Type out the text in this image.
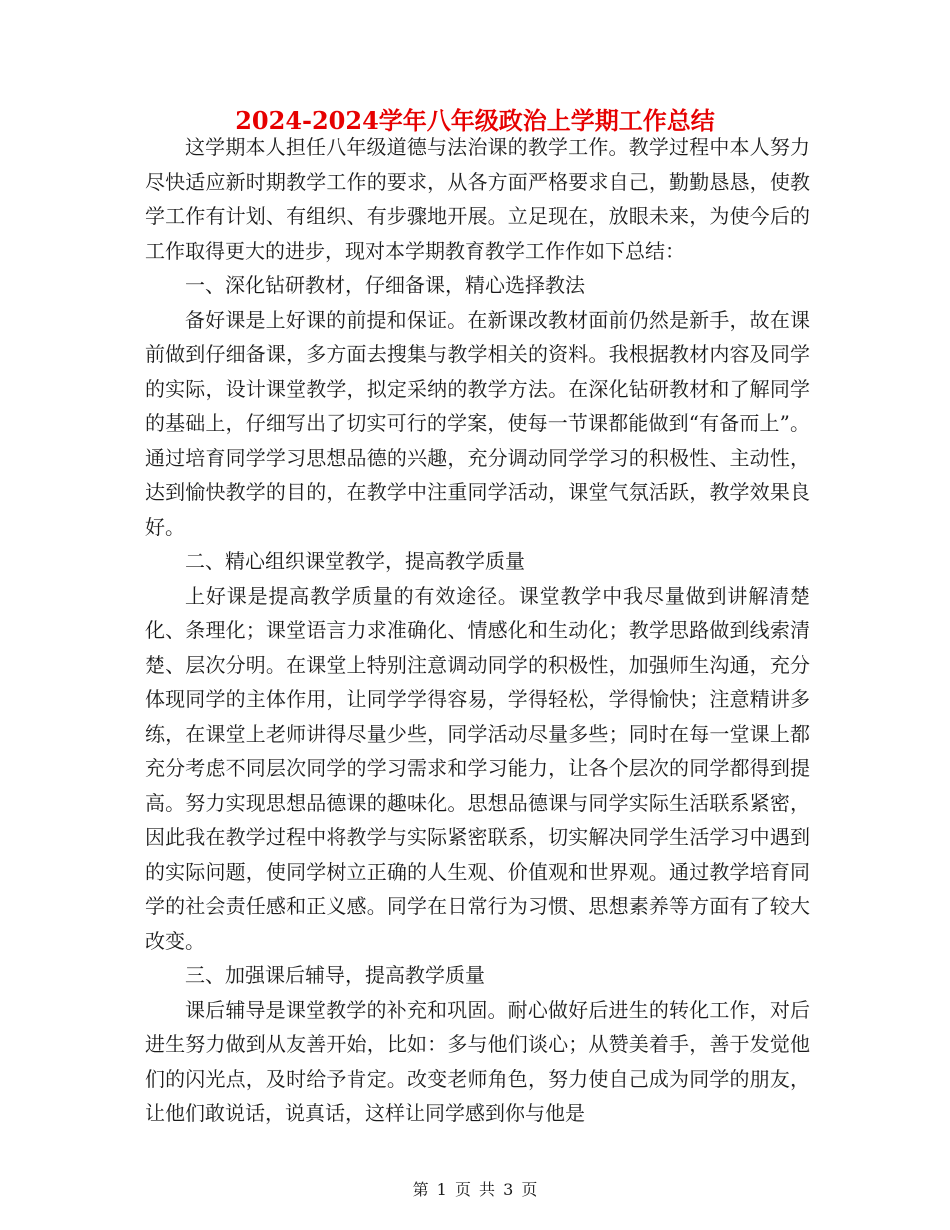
2024-2024学年八年级政治上学期工作总结

这学期本人担任八年级道德与法治课的教学工作。教学过程中本人努力尽快适应新时期教学工作的要求，从各方面严格要求自己，勤勤恳恳，使教学工作有计划、有组织、有步骤地开展。立足现在，放眼未来，为使今后的工作取得更大的进步，现对本学期教育教学工作作如下总结：

一、深化钻研教材，仔细备课，精心选择教法

备好课是上好课的前提和保证。在新课改教材面前仍然是新手，故在课前做到仔细备课，多方面去搜集与教学相关的资料。我根据教材内容及同学的实际，设计课堂教学，拟定采纳的教学方法。在深化钻研教材和了解同学的基础上，仔细写出了切实可行的学案，使每一节课都能做到“有备而上”。通过培育同学学习思想品德的兴趣，充分调动同学学习的积极性、主动性，达到愉快教学的目的，在教学中注重同学活动，课堂气氛活跃，教学效果良好。

二、精心组织课堂教学，提高教学质量

上好课是提高教学质量的有效途径。课堂教学中我尽量做到讲解清楚化、条理化；课堂语言力求准确化、情感化和生动化；教学思路做到线索清楚、层次分明。在课堂上特别注意调动同学的积极性，加强师生沟通，充分体现同学的主体作用，让同学学得容易，学得轻松，学得愉快；注意精讲多练，在课堂上老师讲得尽量少些，同学活动尽量多些；同时在每一堂课上都充分考虑不同层次同学的学习需求和学习能力，让各个层次的同学都得到提高。努力实现思想品德课的趣味化。思想品德课与同学实际生活联系紧密，因此我在教学过程中将教学与实际紧密联系，切实解决同学生活学习中遇到的实际问题，使同学树立正确的人生观、价值观和世界观。通过教学培育同学的社会责任感和正义感。同学在日常行为习惯、思想素养等方面有了较大改变。

三、加强课后辅导，提高教学质量

课后辅导是课堂教学的补充和巩固。耐心做好后进生的转化工作，对后进生努力做到从友善开始，比如：多与他们谈心；从赞美着手，善于发觉他们的闪光点，及时给予肯定。改变老师角色，努力使自己成为同学的朋友，让他们敢说话，说真话，这样让同学感到你与他是

第 1 页 共 3 页
